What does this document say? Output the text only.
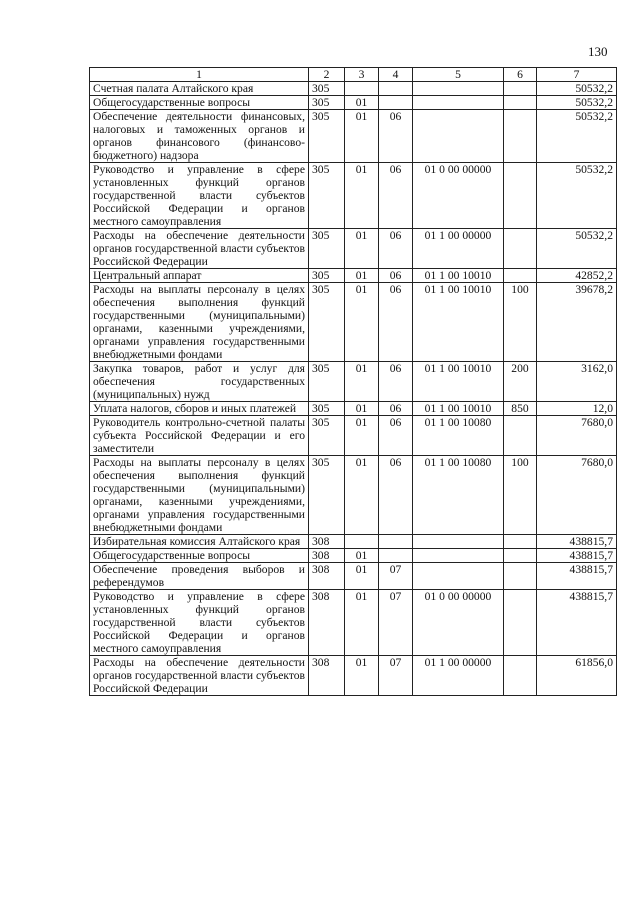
130
1	2	3	4	5	6	7
Счетная палата Алтайского края	305					50532,2
Общегосударственные вопросы	305	01				50532,2
Обеспечение деятельности финансовых, налоговых и таможенных органов и органов финансового (финансово-бюджетного) надзора	305	01	06			50532,2
Руководство и управление в сфере установленных функций органов государственной власти субъектов Российской Федерации и органов местного самоуправления	305	01	06	01 0 00 00000		50532,2
Расходы на обеспечение деятельности органов государственной власти субъектов Российской Федерации	305	01	06	01 1 00 00000		50532,2
Центральный аппарат	305	01	06	01 1 00 10010		42852,2
Расходы на выплаты персоналу в целях обеспечения выполнения функций государственными (муниципальными) органами, казенными учреждениями, органами управления государственными внебюджетными фондами	305	01	06	01 1 00 10010	100	39678,2
Закупка товаров, работ и услуг для обеспечения государственных (муниципальных) нужд	305	01	06	01 1 00 10010	200	3162,0
Уплата налогов, сборов и иных платежей	305	01	06	01 1 00 10010	850	12,0
Руководитель контрольно-счетной палаты субъекта Российской Федерации и его заместители	305	01	06	01 1 00 10080		7680,0
Расходы на выплаты персоналу в целях обеспечения выполнения функций государственными (муниципальными) органами, казенными учреждениями, органами управления государственными внебюджетными фондами	305	01	06	01 1 00 10080	100	7680,0
Избирательная комиссия Алтайского края	308					438815,7
Общегосударственные вопросы	308	01				438815,7
Обеспечение проведения выборов и референдумов	308	01	07			438815,7
Руководство и управление в сфере установленных функций органов государственной власти субъектов Российской Федерации и органов местного самоуправления	308	01	07	01 0 00 00000		438815,7
Расходы на обеспечение деятельности органов государственной власти субъектов Российской Федерации	308	01	07	01 1 00 00000		61856,0
